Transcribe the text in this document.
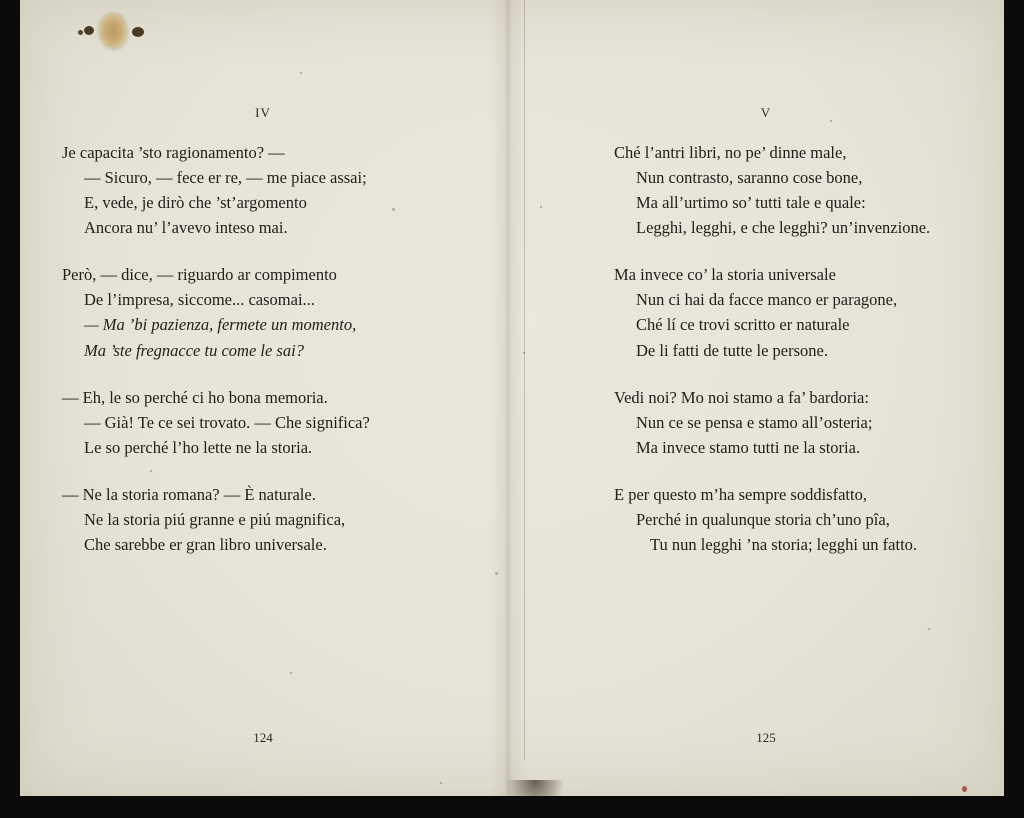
IV
Je capacita ’sto ragionamento? —
— Sicuro, — fece er re, — me piace assai;
E, vede, je dirò che ’st’argomento
Ancora nu’ l’avevo inteso mai.
Però, — dice, — riguardo ar compimento
De l’impresa, siccome... casomai...
— Ma ’bi pazienza, fermete un momento,
Ma ’ste fregnacce tu come le sai?
— Eh, le so perché ci ho bona memoria.
— Già! Te ce sei trovato. — Che significa?
Le so perché l’ho lette ne la storia.
— Ne la storia romana? — È naturale.
Ne la storia piú granne e piú magnifica,
Che sarebbe er gran libro universale.
124
V
Ché l’antri libri, no pe’ dinne male,
Nun contrasto, saranno cose bone,
Ma all’urtimo so’ tutti tale e quale:
Legghi, legghi, e che legghi? un’invenzione.
Ma invece co’ la storia universale
Nun ci hai da facce manco er paragone,
Ché lí ce trovi scritto er naturale
De li fatti de tutte le persone.
Vedi noi? Mo noi stamo a fa’ bardoria:
Nun ce se pensa e stamo all’osteria;
Ma invece stamo tutti ne la storia.
E per questo m’ha sempre soddisfatto,
Perché in qualunque storia ch’uno pîa,
Tu nun legghi ’na storia; legghi un fatto.
125
